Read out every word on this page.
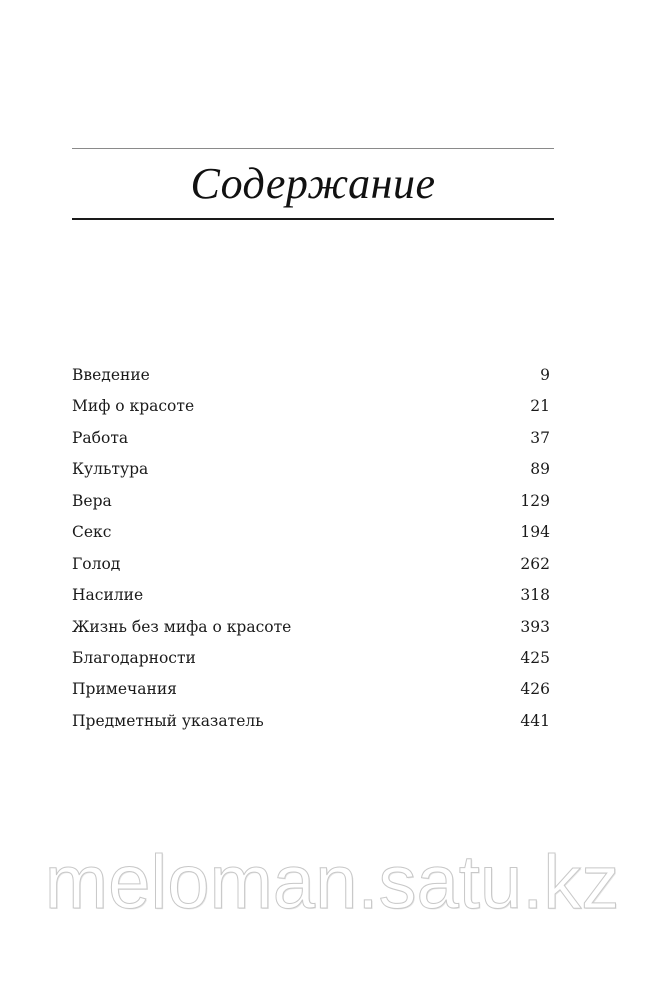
Содержание
Введение	9
Миф о красоте	21
Работа	37
Культура	89
Вера	129
Секс	194
Голод	262
Насилие	318
Жизнь без мифа о красоте	393
Благодарности	425
Примечания	426
Предметный указатель	441
meloman.satu.kz
